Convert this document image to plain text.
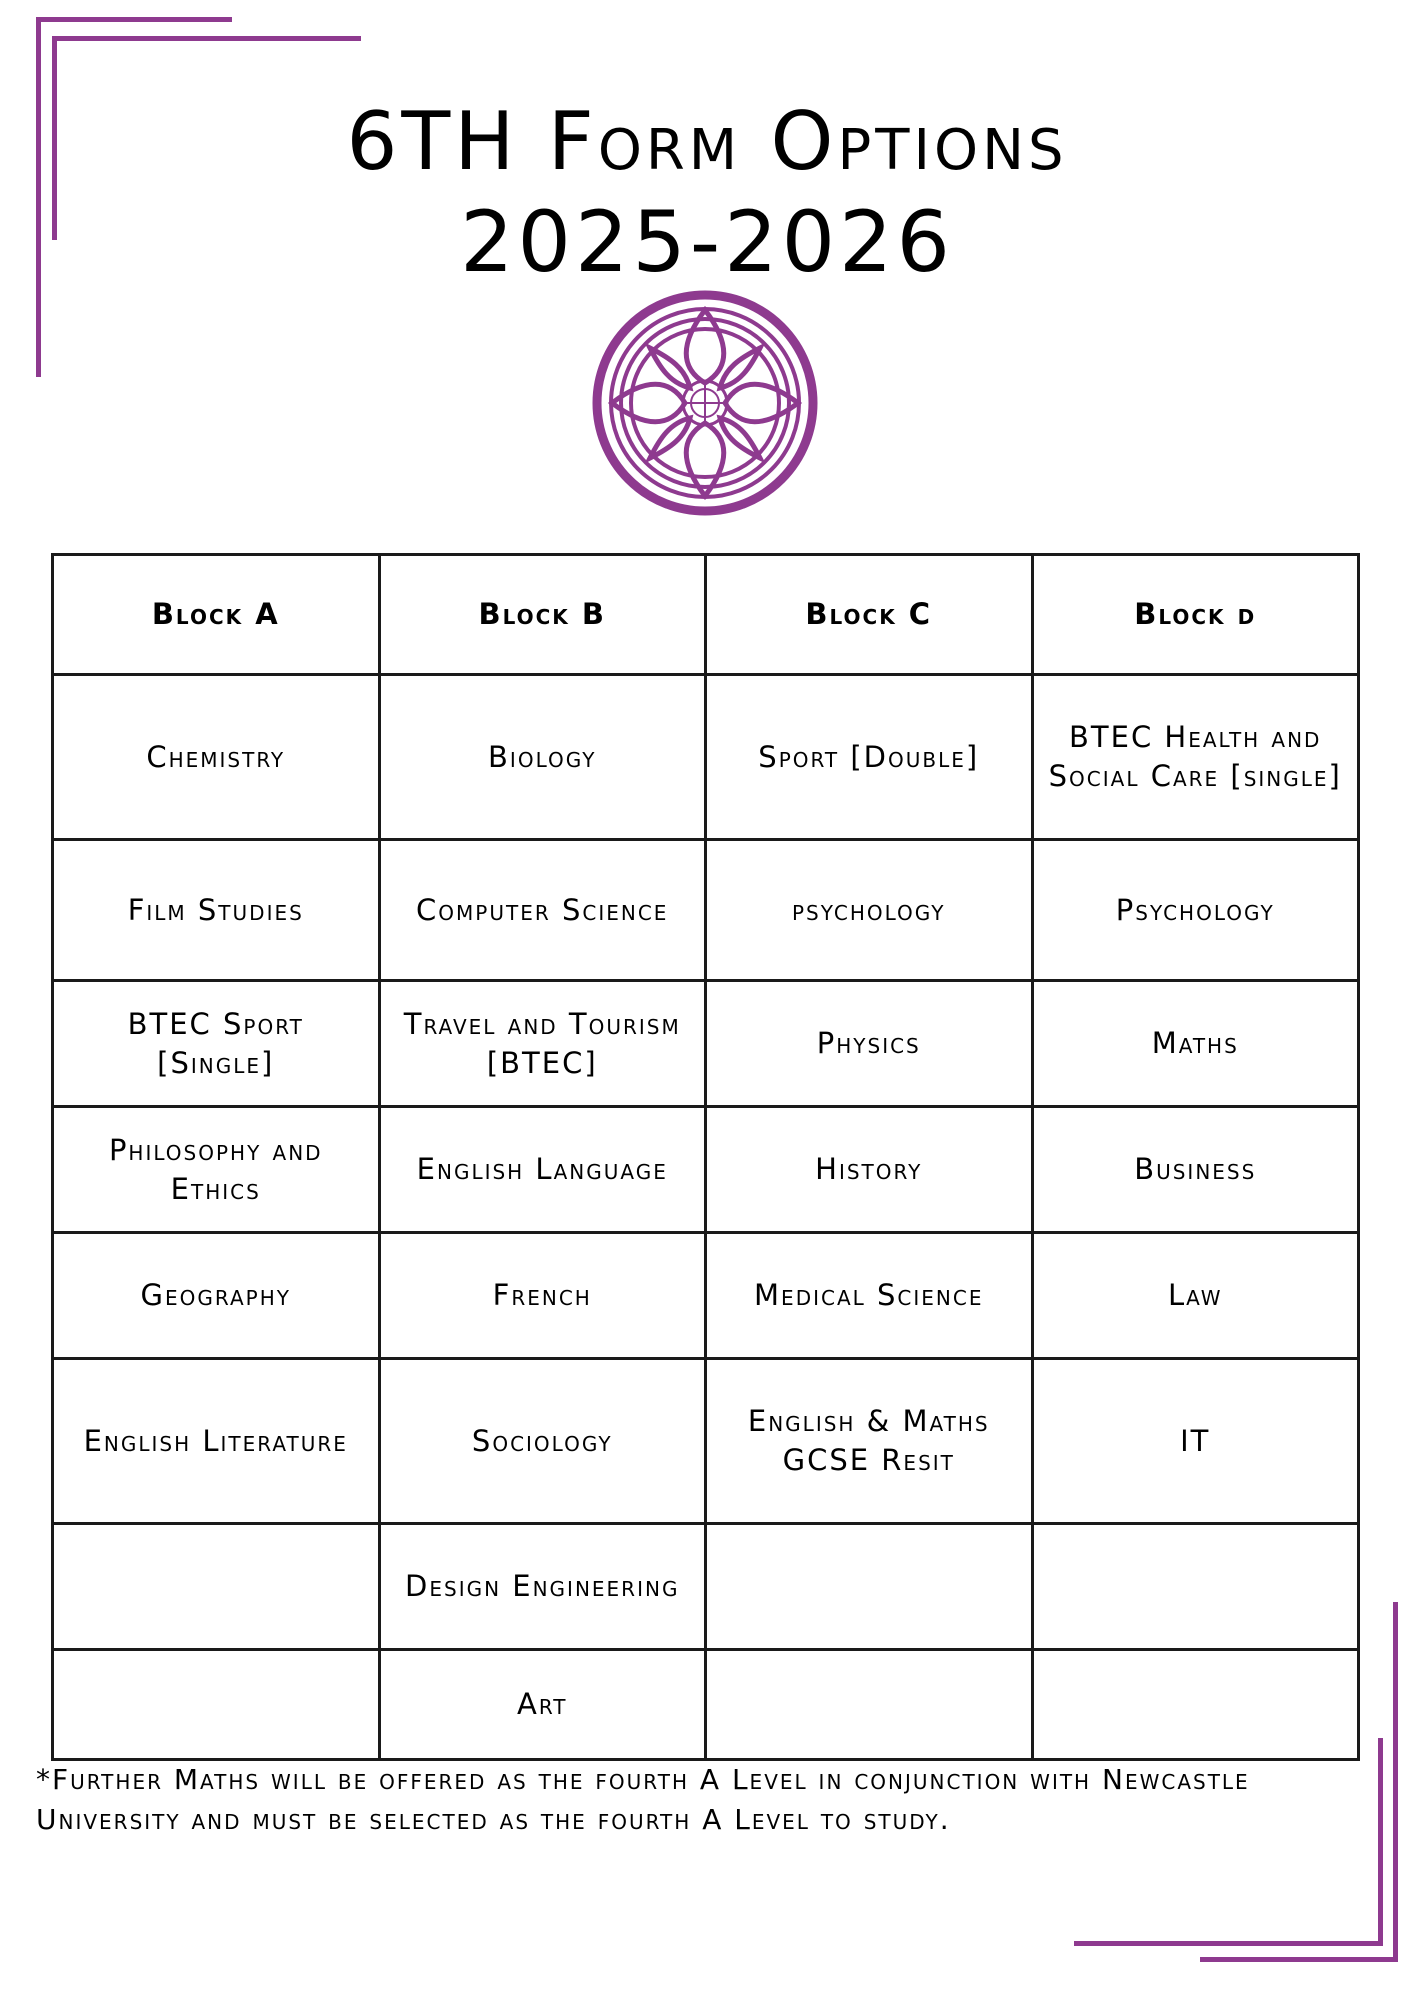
6TH Form Options
2025-2026
Block A	Block B	Block C	Block d
Chemistry	Biology	Sport [Double]	BTEC Health and Social Care [single]
Film Studies	Computer Science	psychology	Psychology
BTEC Sport [Single]	Travel and Tourism [BTEC]	Physics	Maths
Philosophy and Ethics	English Language	History	Business
Geography	French	Medical Science	Law
English Literature	Sociology	English & Maths GCSE Resit	IT
	Design Engineering		
	Art		
*Further Maths will be offered as the fourth A Level in conjunction with Newcastle University and must be selected as the fourth A Level to study.
